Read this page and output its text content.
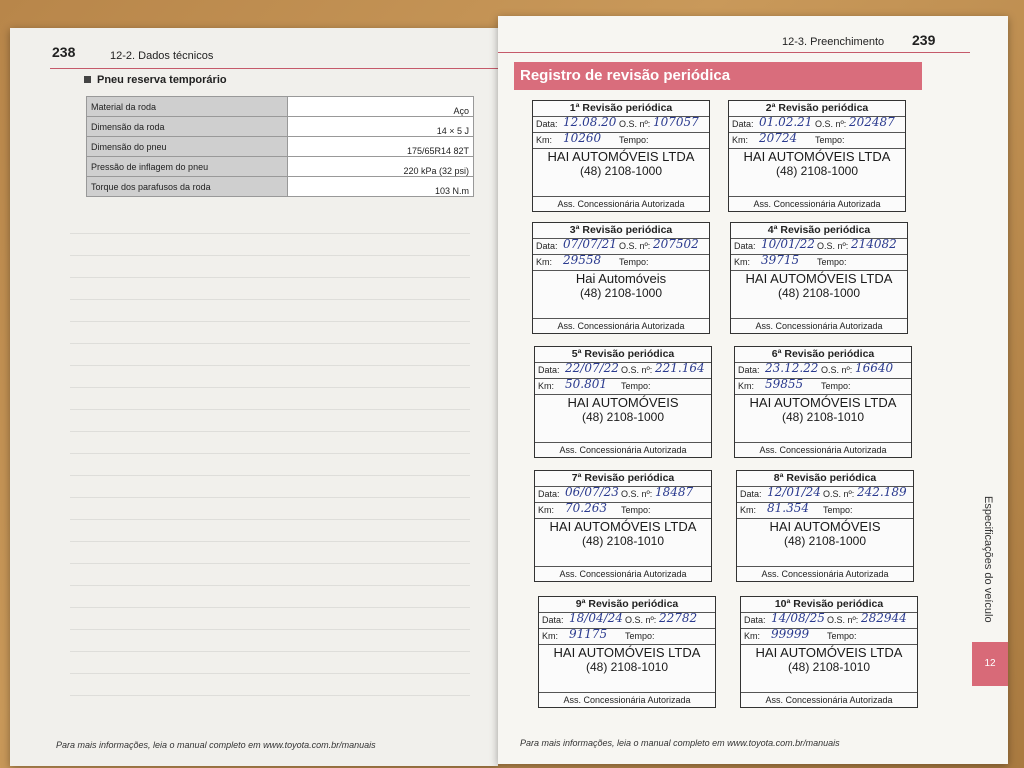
238	12-2. Dados técnicos
Pneu reserva temporário
Material da roda	Aço
Dimensão da roda	14 × 5 J
Dimensão do pneu	175/65R14 82T
Pressão de inflagem do pneu	220 kPa (32 psi)
Torque dos parafusos da roda	103 N.m
Para mais informações, leia o manual completo em www.toyota.com.br/manuais
12-3. Preenchimento 239
Registro de revisão periódica
1ª Revisão periódica
Data: 12.08.20 O.S. nº: 107057
Km: 10260 Tempo:
HAI AUTOMÓVEIS LTDA
(48) 2108-1000
Ass. Concessionária Autorizada
2ª Revisão periódica
Data: 01.02.21 O.S. nº: 202487
Km: 20724 Tempo:
HAI AUTOMÓVEIS LTDA
(48) 2108-1000
Ass. Concessionária Autorizada
3ª Revisão periódica
Data: 07/07/21 O.S. nº: 207502
Km: 29558 Tempo:
Hai Automóveis
(48) 2108-1000
Ass. Concessionária Autorizada
4ª Revisão periódica
Data: 10/01/22 O.S. nº: 214082
Km: 39715 Tempo:
HAI AUTOMÓVEIS LTDA
(48) 2108-1000
Ass. Concessionária Autorizada
5ª Revisão periódica
Data: 22/07/22 O.S. nº: 221.164
Km: 50.801 Tempo:
HAI AUTOMÓVEIS
(48) 2108-1000
Ass. Concessionária Autorizada
6ª Revisão periódica
Data: 23.12.22 O.S. nº: 16640
Km: 59855 Tempo:
HAI AUTOMÓVEIS LTDA
(48) 2108-1010
Ass. Concessionária Autorizada
7ª Revisão periódica
Data: 06/07/23 O.S. nº: 18487
Km: 70.263 Tempo:
HAI AUTOMÓVEIS LTDA
(48) 2108-1010
Ass. Concessionária Autorizada
8ª Revisão periódica
Data: 12/01/24 O.S. nº: 242.189
Km: 81.354 Tempo:
HAI AUTOMÓVEIS
(48) 2108-1000
Ass. Concessionária Autorizada
9ª Revisão periódica
Data: 18/04/24 O.S. nº: 22782
Km: 91175 Tempo:
HAI AUTOMÓVEIS LTDA
(48) 2108-1010
Ass. Concessionária Autorizada
10ª Revisão periódica
Data: 14/08/25 O.S. nº: 282944
Km: 99999 Tempo:
HAI AUTOMÓVEIS LTDA
(48) 2108-1010
Ass. Concessionária Autorizada
Especificações do veículo
12
Para mais informações, leia o manual completo em www.toyota.com.br/manuais
